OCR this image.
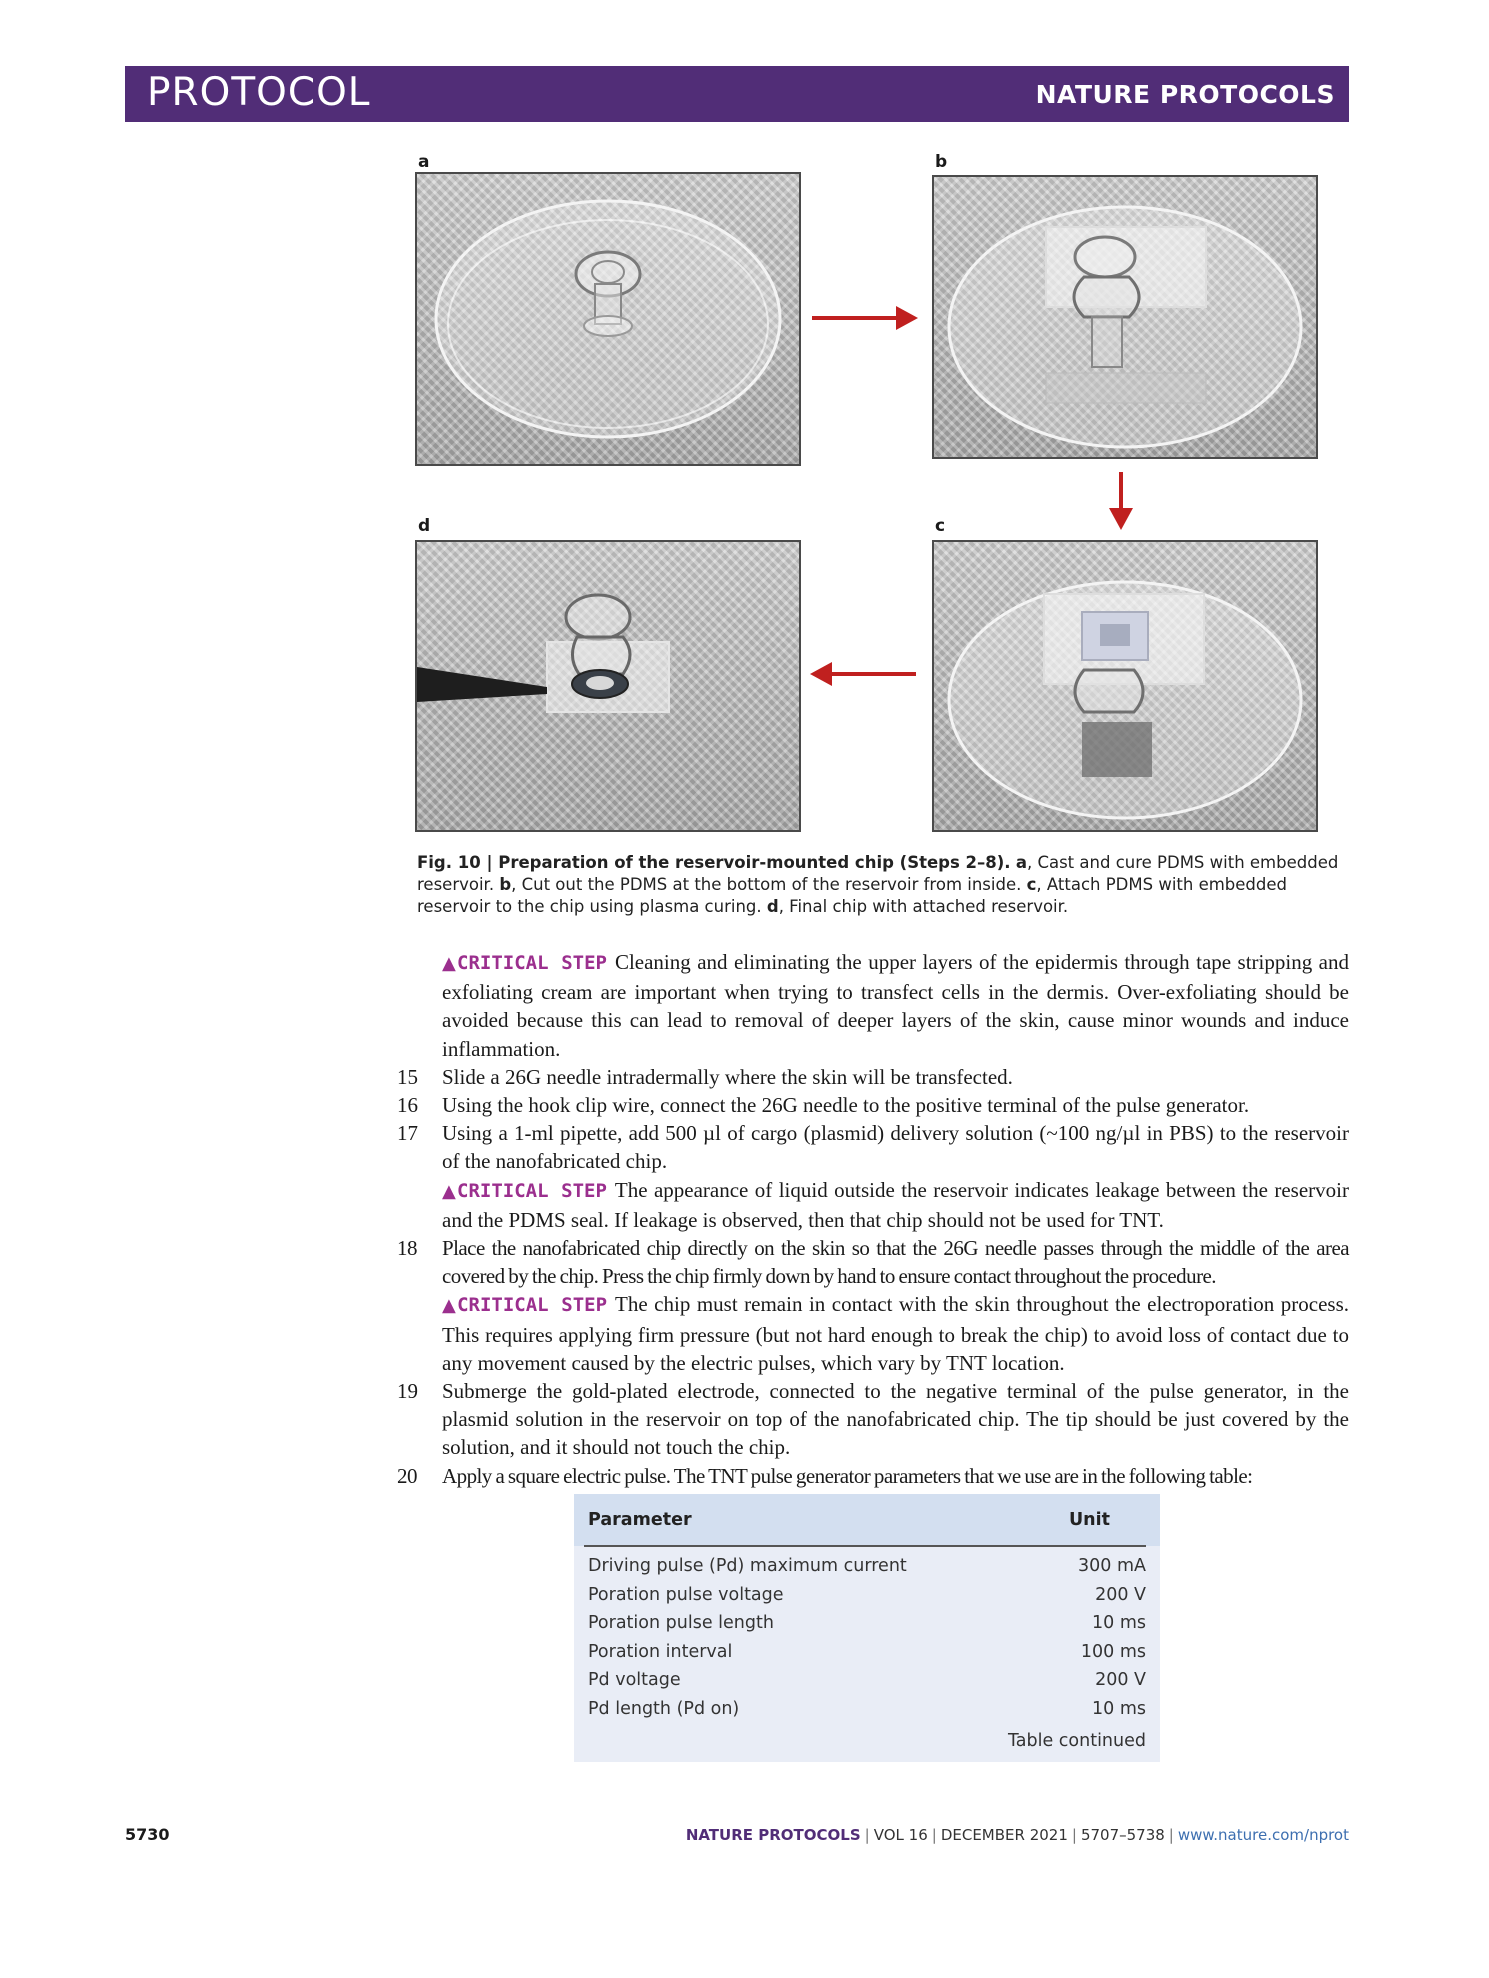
PROTOCOL	NATURE PROTOCOLS
a	b
d	c
Fig. 10 | Preparation of the reservoir-mounted chip (Steps 2–8). a, Cast and cure PDMS with embedded reservoir. b, Cut out the PDMS at the bottom of the reservoir from inside. c, Attach PDMS with embedded reservoir to the chip using plasma curing. d, Final chip with attached reservoir.
▲CRITICAL STEP Cleaning and eliminating the upper layers of the epidermis through tape stripping and exfoliating cream are important when trying to transfect cells in the dermis. Over-exfoliating should be avoided because this can lead to removal of deeper layers of the skin, cause minor wounds and induce inflammation.
15 Slide a 26G needle intradermally where the skin will be transfected.
16 Using the hook clip wire, connect the 26G needle to the positive terminal of the pulse generator.
17 Using a 1-ml pipette, add 500 µl of cargo (plasmid) delivery solution (~100 ng/µl in PBS) to the reservoir of the nanofabricated chip.
▲CRITICAL STEP The appearance of liquid outside the reservoir indicates leakage between the reservoir and the PDMS seal. If leakage is observed, then that chip should not be used for TNT.
18 Place the nanofabricated chip directly on the skin so that the 26G needle passes through the middle of the area covered by the chip. Press the chip firmly down by hand to ensure contact throughout the procedure.
▲CRITICAL STEP The chip must remain in contact with the skin throughout the electroporation process. This requires applying firm pressure (but not hard enough to break the chip) to avoid loss of contact due to any movement caused by the electric pulses, which vary by TNT location.
19 Submerge the gold-plated electrode, connected to the negative terminal of the pulse generator, in the plasmid solution in the reservoir on top of the nanofabricated chip. The tip should be just covered by the solution, and it should not touch the chip.
20 Apply a square electric pulse. The TNT pulse generator parameters that we use are in the following table:
Parameter	Unit
Driving pulse (Pd) maximum current	300 mA
Poration pulse voltage	200 V
Poration pulse length	10 ms
Poration interval	100 ms
Pd voltage	200 V
Pd length (Pd on)	10 ms
Table continued
5730	NATURE PROTOCOLS | VOL 16 | DECEMBER 2021 | 5707–5738 | www.nature.com/nprot
